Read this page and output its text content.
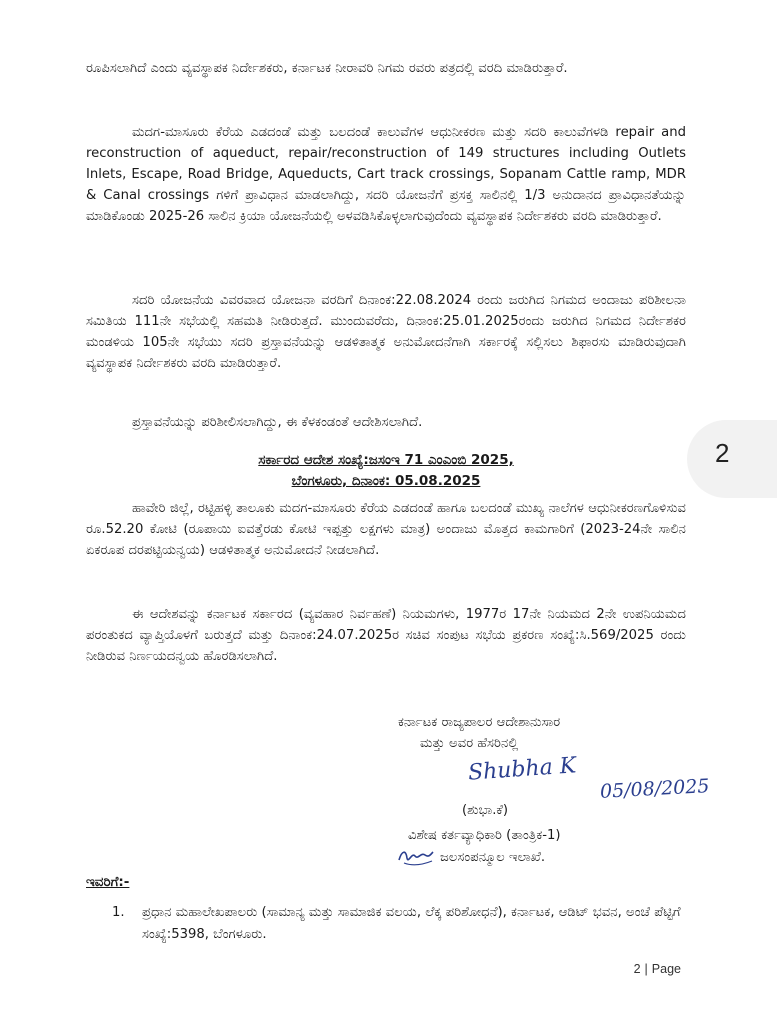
2

ರೂಪಿಸಲಾಗಿದೆ ಎಂದು ವ್ಯವಸ್ಥಾಪಕ ನಿರ್ದೇಶಕರು, ಕರ್ನಾಟಕ ನೀರಾವರಿ ನಿಗಮ ರವರು ಪತ್ರದಲ್ಲಿ ವರದಿ ಮಾಡಿರುತ್ತಾರೆ.

ಮದಗ-ಮಾಸೂರು ಕೆರೆಯ ಎಡದಂಡೆ ಮತ್ತು ಬಲದಂಡೆ ಕಾಲುವೆಗಳ ಆಧುನೀಕರಣ ಮತ್ತು ಸದರಿ ಕಾಲುವೆಗಳಡಿ repair and reconstruction of aqueduct, repair/reconstruction of 149 structures including Outlets Inlets, Escape, Road Bridge, Aqueducts, Cart track crossings, Sopanam Cattle ramp, MDR & Canal crossings ಗಳಿಗೆ ಪ್ರಾವಿಧಾನ ಮಾಡಲಾಗಿದ್ದು, ಸದರಿ ಯೋಜನೆಗೆ ಪ್ರಸಕ್ತ ಸಾಲಿನಲ್ಲಿ 1/3 ಅನುದಾನದ ಪ್ರಾವಿಧಾನತೆಯನ್ನು ಮಾಡಿಕೊಂಡು 2025-26 ಸಾಲಿನ ಕ್ರಿಯಾ ಯೋಜನೆಯಲ್ಲಿ ಅಳವಡಿಸಿಕೊಳ್ಳಲಾಗುವುದೆಂದು ವ್ಯವಸ್ಥಾಪಕ ನಿರ್ದೇಶಕರು ವರದಿ ಮಾಡಿರುತ್ತಾರೆ.

ಸದರಿ ಯೋಜನೆಯ ವಿವರವಾದ ಯೋಜನಾ ವರದಿಗೆ ದಿನಾಂಕ:22.08.2024 ರಂದು ಜರುಗಿದ ನಿಗಮದ ಅಂದಾಜು ಪರಿಶೀಲನಾ ಸಮಿತಿಯ 111ನೇ ಸಭೆಯಲ್ಲಿ ಸಹಮತಿ ನೀಡಿರುತ್ತದೆ. ಮುಂದುವರೆದು, ದಿನಾಂಕ:25.01.2025ರಂದು ಜರುಗಿದ ನಿಗಮದ ನಿರ್ದೇಶಕರ ಮಂಡಳಿಯ 105ನೇ ಸಭೆಯು ಸದರಿ ಪ್ರಸ್ತಾವನೆಯನ್ನು ಆಡಳಿತಾತ್ಮಕ ಅನುಮೋದನೆಗಾಗಿ ಸರ್ಕಾರಕ್ಕೆ ಸಲ್ಲಿಸಲು ಶಿಫಾರಸು ಮಾಡಿರುವುದಾಗಿ ವ್ಯವಸ್ಥಾಪಕ ನಿರ್ದೇಶಕರು ವರದಿ ಮಾಡಿರುತ್ತಾರೆ.

ಪ್ರಸ್ತಾವನೆಯನ್ನು ಪರಿಶೀಲಿಸಲಾಗಿದ್ದು, ಈ ಕೆಳಕಂಡಂತೆ ಆದೇಶಿಸಲಾಗಿದೆ.

ಸರ್ಕಾರದ ಆದೇಶ ಸಂಖ್ಯೆ:ಜಸಂಇ 71 ಎಂಎಂಬಿ 2025,
ಬೆಂಗಳೂರು, ದಿನಾಂಕ: 05.08.2025

ಹಾವೇರಿ ಜಿಲ್ಲೆ, ರಟ್ಟಿಹಳ್ಳಿ ತಾಲೂಕು ಮದಗ-ಮಾಸೂರು ಕೆರೆಯ ಎಡದಂಡೆ ಹಾಗೂ ಬಲದಂಡೆ ಮುಖ್ಯ ನಾಲೆಗಳ ಆಧುನೀಕರಣಗೊಳಿಸುವ ರೂ.52.20 ಕೋಟಿ (ರೂಪಾಯಿ ಐವತ್ತೆರಡು ಕೋಟಿ ಇಪ್ಪತ್ತು ಲಕ್ಷಗಳು ಮಾತ್ರ) ಅಂದಾಜು ಮೊತ್ತದ ಕಾಮಗಾರಿಗೆ (2023-24ನೇ ಸಾಲಿನ ಏಕರೂಪ ದರಪಟ್ಟಿಯನ್ವಯ) ಆಡಳಿತಾತ್ಮಕ ಅನುಮೋದನೆ ನೀಡಲಾಗಿದೆ.

ಈ ಆದೇಶವನ್ನು ಕರ್ನಾಟಕ ಸರ್ಕಾರದ (ವ್ಯವಹಾರ ನಿರ್ವಹಣೆ) ನಿಯಮಗಳು, 1977ರ 17ನೇ ನಿಯಮದ 2ನೇ ಉಪನಿಯಮದ ಪರಂತುಕದ ವ್ಯಾಪ್ತಿಯೊಳಗೆ ಬರುತ್ತದೆ ಮತ್ತು ದಿನಾಂಕ:24.07.2025ರ ಸಚಿವ ಸಂಪುಟ ಸಭೆಯ ಪ್ರಕರಣ ಸಂಖ್ಯೆ:ಸಿ.569/2025 ರಂದು ನೀಡಿರುವ ನಿರ್ಣಯದನ್ವಯ ಹೊರಡಿಸಲಾಗಿದೆ.

ಕರ್ನಾಟಕ ರಾಜ್ಯಪಾಲರ ಆದೇಶಾನುಸಾರ
ಮತ್ತು ಅವರ ಹೆಸರಿನಲ್ಲಿ
Shubha K
05/08/2025
(ಶುಭಾ.ಕೆ)
ವಿಶೇಷ ಕರ್ತವ್ಯಾಧಿಕಾರಿ (ತಾಂತ್ರಿಕ-1)
ಜಲಸಂಪನ್ಮೂಲ ಇಲಾಖೆ.
ಇವರಿಗೆ:-
1. ಪ್ರಧಾನ ಮಹಾಲೇಖಪಾಲರು (ಸಾಮಾನ್ಯ ಮತ್ತು ಸಾಮಾಜಿಕ ವಲಯ, ಲೆಕ್ಕ ಪರಿಶೋಧನೆ), ಕರ್ನಾಟಕ, ಆಡಿಟ್ ಭವನ, ಅಂಚೆ ಪೆಟ್ಟಿಗೆ ಸಂಖ್ಯೆ:5398, ಬೆಂಗಳೂರು.
2 | Page
